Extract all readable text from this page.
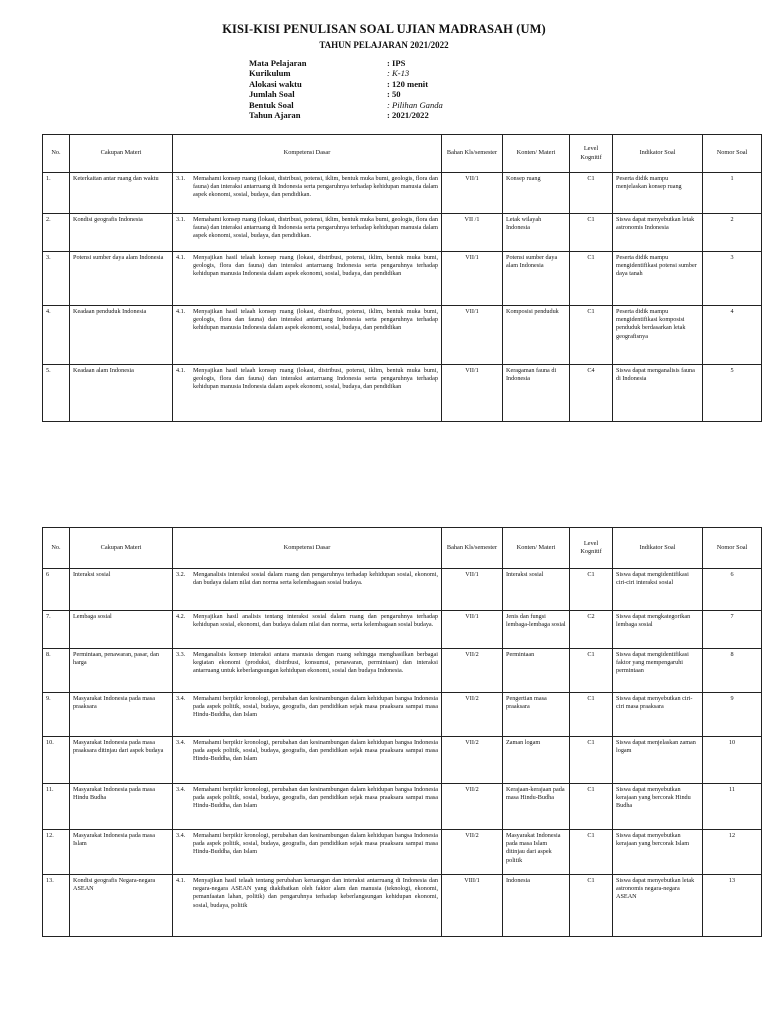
KISI-KISI PENULISAN SOAL UJIAN MADRASAH (UM)
TAHUN PELAJARAN 2021/2022
Mata Pelajaran	: IPS
Kurikulum	: K-13
Alokasi waktu	: 120 menit
Jumlah Soal	: 50
Bentuk Soal	: Pilihan Ganda
Tahun Ajaran	: 2021/2022
No.	Cakupan Materi	Kompetensi Dasar	Bahan Kls/semester	Konten/ Materi	Level Kognitif	Indikator Soal	Nomor Soal
1.	Keterkaitan antar ruang dan waktu	3.1. Memahami konsep ruang (lokasi, distribusi, potensi, iklim, bentuk muka bumi, geologis, flora dan fauna) dan interaksi antarruang di Indonesia serta pengaruhnya terhadap kehidupan manusia dalam aspek ekonomi, sosial, budaya, dan pendidikan.	VII/1	Konsep ruang	C1	Peserta didik mampu menjelaskan konsep ruang	1
2.	Kondisi geografis Indonesia	3.1. Memahami konsep ruang (lokasi, distribusi, potensi, iklim, bentuk muka bumi, geologis, flora dan fauna) dan interaksi antarruang di Indonesia serta pengaruhnya terhadap kehidupan manusia dalam aspek ekonomi, sosial, budaya, dan pendidikan.	VII /1	Letak wilayah Indonesia	C1	Siswa dapat menyebutkan letak astronomis Indonesia	2
3.	Potensi sumber daya alam Indonesia	4.1. Menyajikan hasil telaah konsep ruang (lokasi, distribusi, potensi, iklim, bentuk muka bumi, geologis, flora dan fauna) dan interaksi antarruang Indonesia serta pengaruhnya terhadap kehidupan manusia Indonesia dalam aspek ekonomi, sosial, budaya, dan pendidikan	VII/1	Potensi sumber daya alam Indonesia	C1	Peserta didik mampu mengidentifikasi potensi sumber daya tanah	3
4.	Keadaan penduduk Indonesia	4.1. Menyajikan hasil telaah konsep ruang (lokasi, distribusi, potensi, iklim, bentuk muka bumi, geologis, flora dan fauna) dan interaksi antarruang Indonesia serta pengaruhnya terhadap kehidupan manusia Indonesia dalam aspek ekonomi, sosial, budaya, dan pendidikan	VII/1	Komposisi penduduk	C1	Peserta didik mampu mengidentifikasi komposisi penduduk berdasarkan letak geografisnya	4
5.	Keadaan alam Indonesia	4.1. Menyajikan hasil telaah konsep ruang (lokasi, distribusi, potensi, iklim, bentuk muka bumi, geologis, flora dan fauna) dan interaksi antarruang Indonesia serta pengaruhnya terhadap kehidupan manusia Indonesia dalam aspek ekonomi, sosial, budaya, dan pendidikan	VII/1	Keragaman fauna di Indonesia	C4	Siswa dapat menganalisis fauna di Indonesia	5
No.	Cakupan Materi	Kompetensi Dasar	Bahan Kls/semester	Konten/ Materi	Level Kognitif	Indikator Soal	Nomor Soal
6	Interaksi sosial	3.2. Menganalisis interaksi sosial dalam ruang dan pengaruhnya terhadap kehidupan sosial, ekonomi, dan budaya dalam nilai dan norma serta kelembagaan sosial budaya.	VII/1	Interaksi sosial	C1	Siswa dapat mengidentifikasi ciri-ciri interaksi sosial	6
7.	Lembaga sosial	4.2. Menyajikan hasil analisis tentang interaksi sosial dalam ruang dan pengaruhnya terhadap kehidupan sosial, ekonomi, dan budaya dalam nilai dan norma, serta kelembagaan sosial budaya.	VII/1	Jenis dan fungsi lembaga-lembaga sosial	C2	Siswa dapat mengkategorikan lembaga sosial	7
8.	Permintaan, penawaran, pasar, dan harga	3.3. Menganalisis konsep interaksi antara manusia dengan ruang sehingga menghasilkan berbagai kegiatan ekonomi (produksi, distribusi, konsumsi, penawaran, permintaan) dan interaksi antarruang untuk keberlangsungan kehidupan ekonomi, sosial dan budaya Indonesia.	VII/2	Permintaan	C1	Siswa dapat mengidentifikasi faktor yang mempengaruhi permintaan	8
9.	Masyarakat Indonesia pada masa praaksara	3.4. Memahami berpikir kronologi, perubahan dan kesinambungan dalam kehidupan bangsa Indonesia pada aspek politik, sosial, budaya, geografis, dan pendidikan sejak masa praaksara sampai masa Hindu-Buddha, dan Islam	VII/2	Pengertian masa praaksara	C1	Siswa dapat menyebutkan ciri-ciri masa praaksara	9
10.	Masyarakat Indonesia pada masa praaksara ditinjau dari aspek budaya	3.4. Memahami berpikir kronologi, perubahan dan kesinambungan dalam kehidupan bangsa Indonesia pada aspek politik, sosial, budaya, geografis, dan pendidikan sejak masa praaksara sampai masa Hindu-Buddha, dan Islam	VII/2	Zaman logam	C1	Siswa dapat menjelaskan zaman logam	10
11.	Masyarakat Indonesia pada masa Hindu Budha	3.4. Memahami berpikir kronologi, perubahan dan kesinambungan dalam kehidupan bangsa Indonesia pada aspek politik, sosial, budaya, geografis, dan pendidikan sejak masa praaksara sampai masa Hindu-Buddha, dan Islam	VII/2	Kerajaan-kerajaan pada masa Hindu-Budha	C1	Siswa dapat menyebutkan kerajaan yang bercorak Hindu Budha	11
12.	Masyarakat Indonesia pada masa Islam	3.4. Memahami berpikir kronologi, perubahan dan kesinambungan dalam kehidupan bangsa Indonesia pada aspek politik, sosial, budaya, geografis, dan pendidikan sejak masa praaksara sampai masa Hindu-Buddha, dan Islam	VII/2	Masyarakat Indonesia pada masa Islam ditinjau dari aspek politik	C1	Siswa dapat menyebutkan kerajaan yang bercorak Islam	12
13.	Kondisi geografis Negara-negara ASEAN	4.1. Menyajikan hasil telaah tentang perubahan keruangan dan interaksi antarruang di Indonesia dan negara-negara ASEAN yang diakibatkan oleh faktor alam dan manusia (teknologi, ekonomi, pemanfaatan lahan, politik) dan pengaruhnya terhadap keberlangsungan kehidupan ekonomi, sosial, budaya, politik	VIII/1	Indonesia	C1	Siswa dapat menyebutkan letak astronomis negara-negara ASEAN	13
